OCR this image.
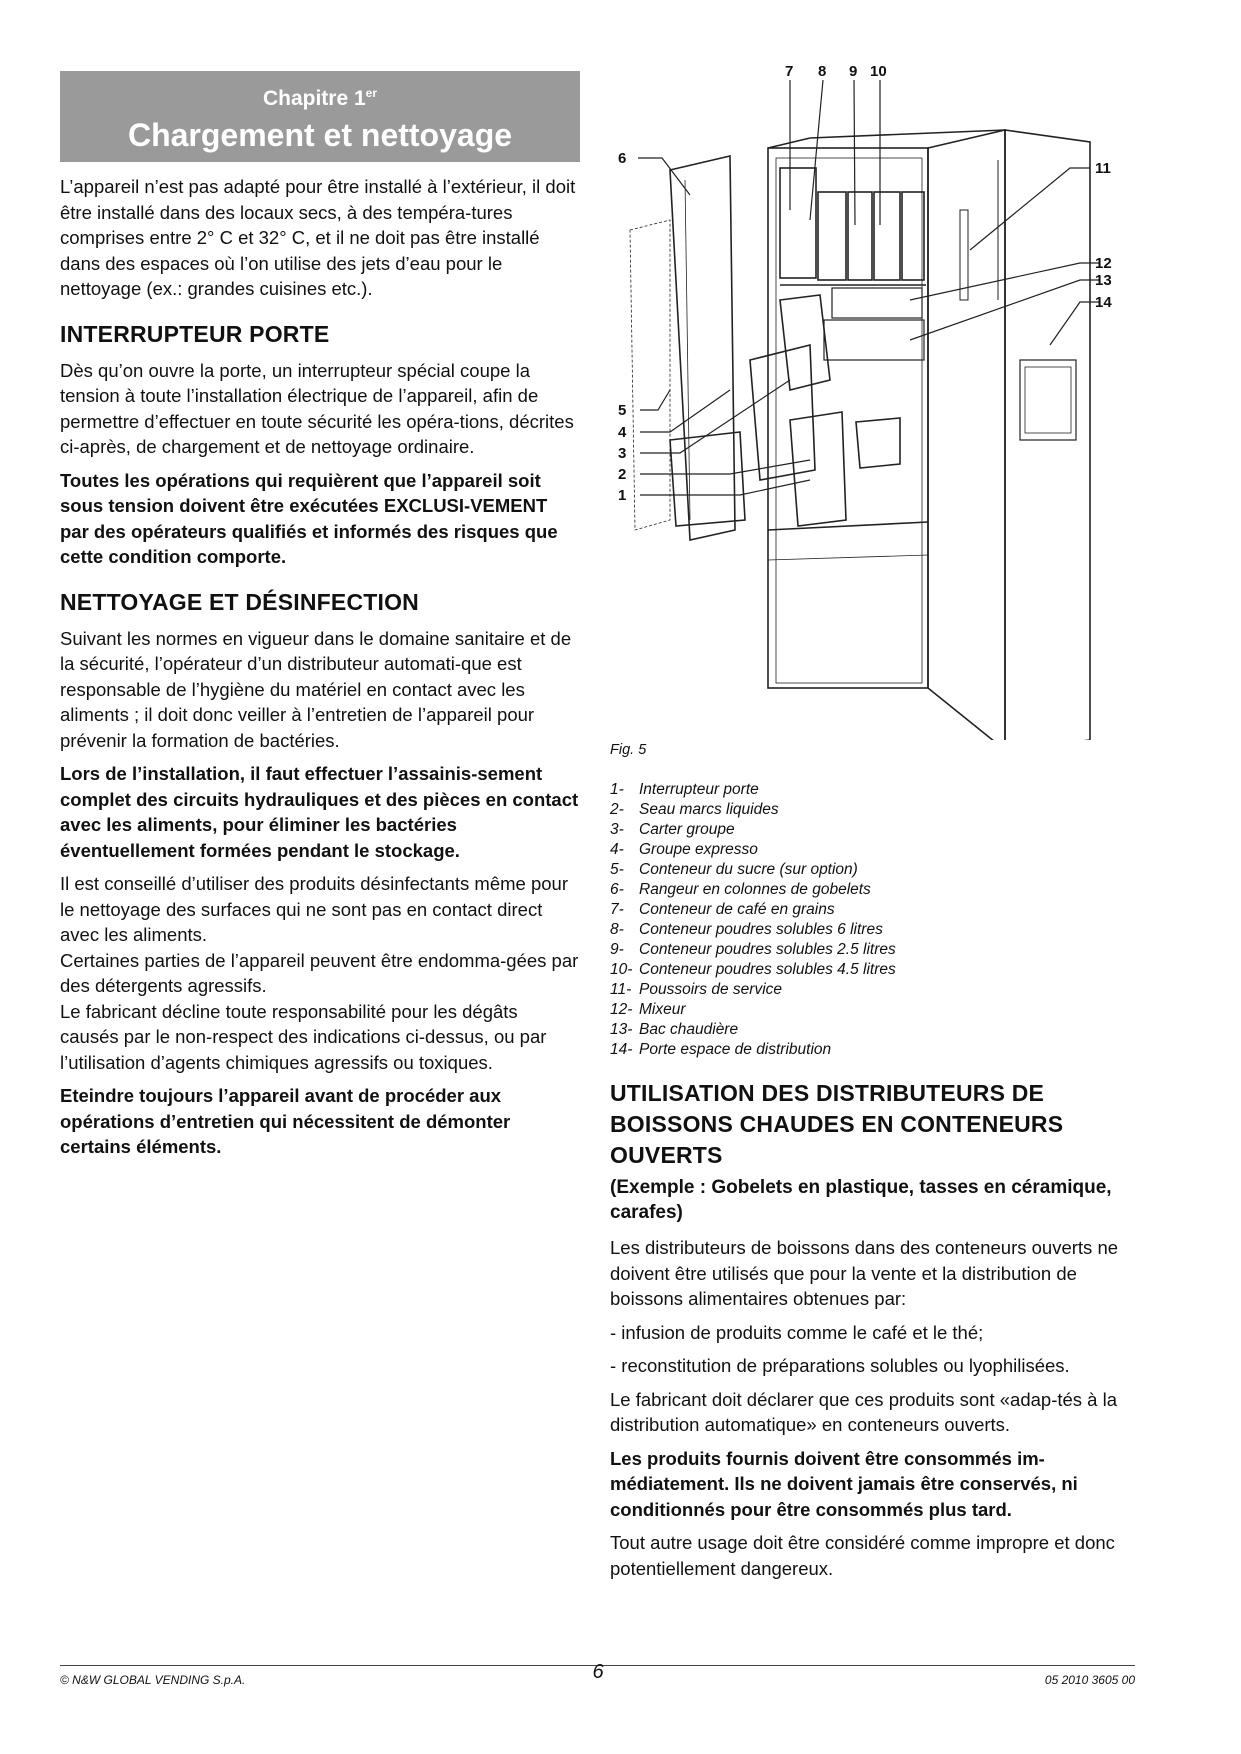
Chapitre 1er
Chargement et nettoyage

L’appareil n’est pas adapté pour être installé à l’extérieur, il doit être installé dans des locaux secs, à des tempéra-tures comprises entre 2° C et 32° C, et il ne doit pas être installé dans des espaces où l’on utilise des jets d’eau pour le nettoyage (ex.: grandes cuisines etc.).

INTERRUPTEUR PORTE

Dès qu’on ouvre la porte, un interrupteur spécial coupe la tension à toute l’installation électrique de l’appareil, afin de permettre d’effectuer en toute sécurité les opéra-tions, décrites ci-après, de chargement et de nettoyage ordinaire.

Toutes les opérations qui requièrent que l’appareil soit sous tension doivent être exécutées EXCLUSI-VEMENT par des opérateurs qualifiés et informés des risques que cette condition comporte.

NETTOYAGE ET DÉSINFECTION

Suivant les normes en vigueur dans le domaine sanitaire et de la sécurité, l’opérateur d’un distributeur automati-que est responsable de l’hygiène du matériel en contact avec les aliments ; il doit donc veiller à l’entretien de l’appareil pour prévenir la formation de bactéries.

Lors de l’installation, il faut effectuer l’assainis-sement complet des circuits hydrauliques et des pièces en contact avec les aliments, pour éliminer les bactéries éventuellement formées pendant le stockage.

Il est conseillé d’utiliser des produits désinfectants même pour le nettoyage des surfaces qui ne sont pas en contact direct avec les aliments.

Certaines parties de l’appareil peuvent être endomma-gées par des détergents agressifs.

Le fabricant décline toute responsabilité pour les dégâts causés par le non-respect des indications ci-dessus, ou par l’utilisation d’agents chimiques agressifs ou toxiques.

Eteindre toujours l’appareil avant de procéder aux opérations d’entretien qui nécessitent de démonter certains éléments.

6
5
4
3
2
1
7 8 9 10
11
12
13
14
Fig. 5
1- Interrupteur porte
2- Seau marcs liquides
3- Carter groupe
4- Groupe expresso
5- Conteneur du sucre (sur option)
6- Rangeur en colonnes de gobelets
7- Conteneur de café en grains
8- Conteneur poudres solubles 6 litres
9- Conteneur poudres solubles 2.5 litres
10- Conteneur poudres solubles 4.5 litres
11- Poussoirs de service
12- Mixeur
13- Bac chaudière
14- Porte espace de distribution
UTILISATION DES DISTRIBUTEURS DE BOISSONS CHAUDES EN CONTENEURS OUVERTS
(Exemple : Gobelets en plastique, tasses en céramique, carafes)

Les distributeurs de boissons dans des conteneurs ouverts ne doivent être utilisés que pour la vente et la distribution de boissons alimentaires obtenues par:

- infusion de produits comme le café et le thé;

- reconstitution de préparations solubles ou lyophilisées.

Le fabricant doit déclarer que ces produits sont «adap-tés à la distribution automatique» en conteneurs ouverts.

Les produits fournis doivent être consommés im-médiatement. Ils ne doivent jamais être conservés, ni conditionnés pour être consommés plus tard.

Tout autre usage doit être considéré comme impropre et donc potentiellement dangereux.

© N&W GLOBAL VENDING S.p.A.	6	05 2010 3605 00
